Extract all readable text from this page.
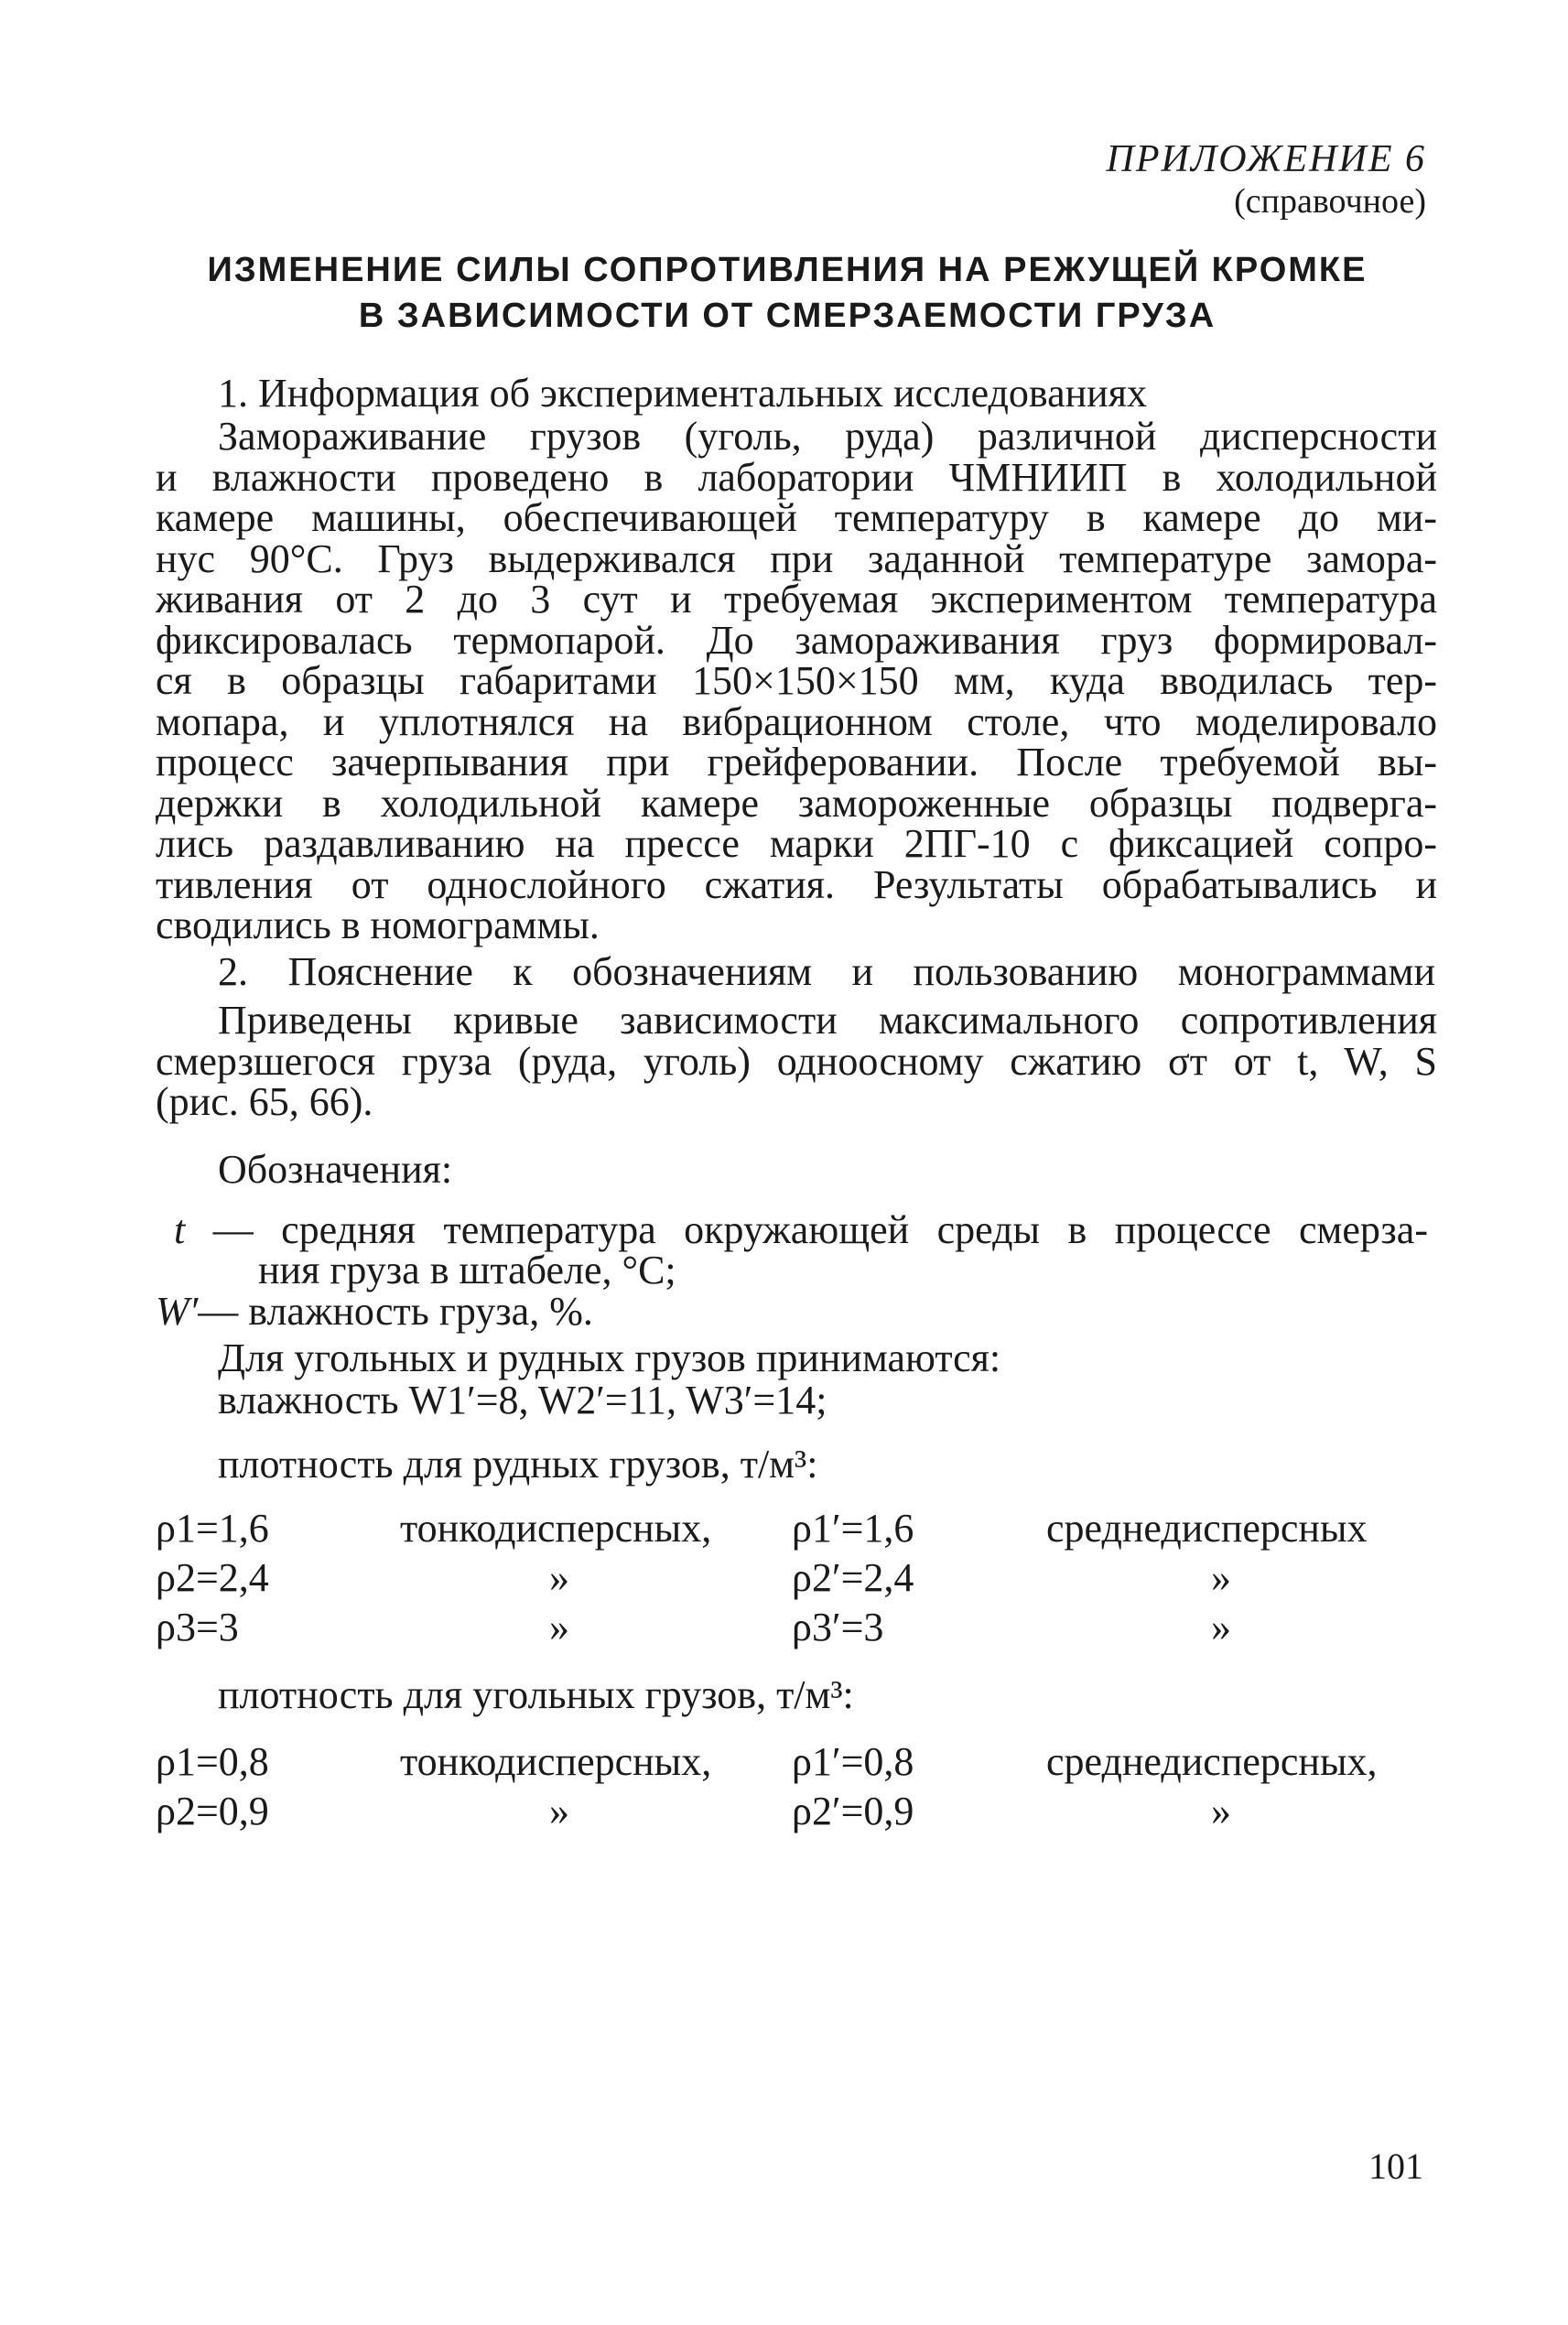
ПРИЛОЖЕНИЕ 6
(справочное)
ИЗМЕНЕНИЕ СИЛЫ СОПРОТИВЛЕНИЯ НА РЕЖУЩЕЙ КРОМКЕ
В ЗАВИСИМОСТИ ОТ СМЕРЗАЕМОСТИ ГРУЗА
1. Информация об экспериментальных исследованиях
Замораживание грузов (уголь, руда) различной дисперсности
и влажности проведено в лаборатории ЧМНИИП в холодильной
камере машины, обеспечивающей температуру в камере до ми-
нус 90°С. Груз выдерживался при заданной температуре замора-
живания от 2 до 3 сут и требуемая экспериментом температура
фиксировалась термопарой. До замораживания груз формировал-
ся в образцы габаритами 150×150×150 мм, куда вводилась тер-
мопара, и уплотнялся на вибрационном столе, что моделировало
процесс зачерпывания при грейферовании. После требуемой вы-
держки в холодильной камере замороженные образцы подверга-
лись раздавливанию на прессе марки 2ПГ-10 с фиксацией сопро-
тивления от однослойного сжатия. Результаты обрабатывались и
сводились в номограммы.
2. Пояснение к обозначениям и пользованию монограммами
Приведены кривые зависимости максимального сопротивления
смерзшегося груза (руда, уголь) одноосному сжатию σт от t, W, S
(рис. 65, 66).
Обозначения:
t — средняя температура окружающей среды в процессе смерза-
ния груза в штабеле, °С;
W′— влажность груза, %.
Для угольных и рудных грузов принимаются:
влажность W1′=8, W2′=11, W3′=14;
плотность для рудных грузов, т/м³:
ρ1=1,6	тонкодисперсных, ρ1′=1,6	среднедисперсных
ρ2=2,4	»	ρ2′=2,4	»
ρ3=3	»	ρ3′=3	»
плотность для угольных грузов, т/м³:
ρ1=0,8	тонкодисперсных, ρ1′=0,8	среднедисперсных,
ρ2=0,9	»	ρ2′=0,9	»
101
